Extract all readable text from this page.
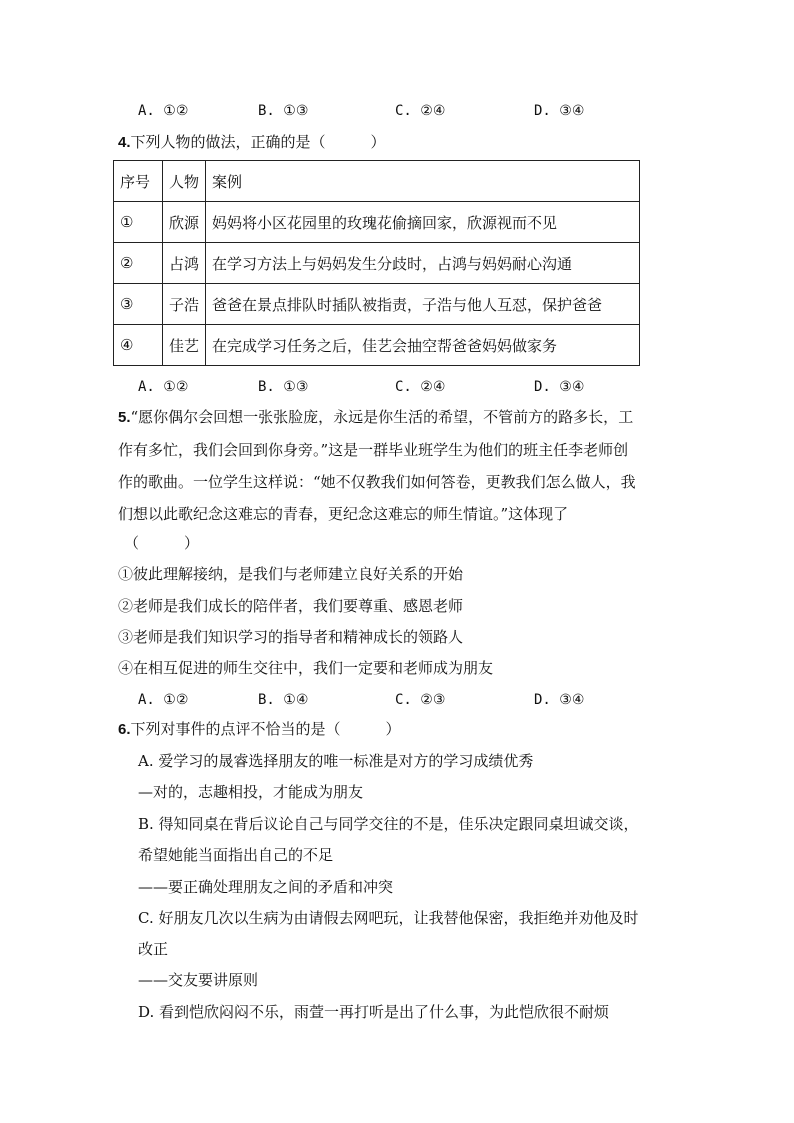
A. ①②	B. ①③	C. ②④	D. ③④
4.下列人物的做法，正确的是（　　　）
序号	人物	案例
①	欣源	妈妈将小区花园里的玫瑰花偷摘回家，欣源视而不见
②	占鸿	在学习方法上与妈妈发生分歧时，占鸿与妈妈耐心沟通
③	子浩	爸爸在景点排队时插队被指责，子浩与他人互怼，保护爸爸
④	佳艺	在完成学习任务之后，佳艺会抽空帮爸爸妈妈做家务
A. ①②	B. ①③	C. ②④	D. ③④
5.“愿你偶尔会回想一张张脸庞，永远是你生活的希望，不管前方的路多长，工
作有多忙，我们会回到你身旁。”这是一群毕业班学生为他们的班主任李老师创
作的歌曲。一位学生这样说：“她不仅教我们如何答卷，更教我们怎么做人，我
们想以此歌纪念这难忘的青春，更纪念这难忘的师生情谊。”这体现了
（　　　）
①彼此理解接纳，是我们与老师建立良好关系的开始
②老师是我们成长的陪伴者，我们要尊重、感恩老师
③老师是我们知识学习的指导者和精神成长的领路人
④在相互促进的师生交往中，我们一定要和老师成为朋友
A. ①②	B. ①④	C. ②③	D. ③④
6.下列对事件的点评不恰当的是（　　　）
A. 爱学习的晟睿选择朋友的唯一标准是对方的学习成绩优秀
—对的，志趣相投，才能成为朋友
B. 得知同桌在背后议论自己与同学交往的不是，佳乐决定跟同桌坦诚交谈，
希望她能当面指出自己的不足
——要正确处理朋友之间的矛盾和冲突
C. 好朋友几次以生病为由请假去网吧玩，让我替他保密，我拒绝并劝他及时
改正
——交友要讲原则
D. 看到恺欣闷闷不乐，雨萱一再打听是出了什么事，为此恺欣很不耐烦
